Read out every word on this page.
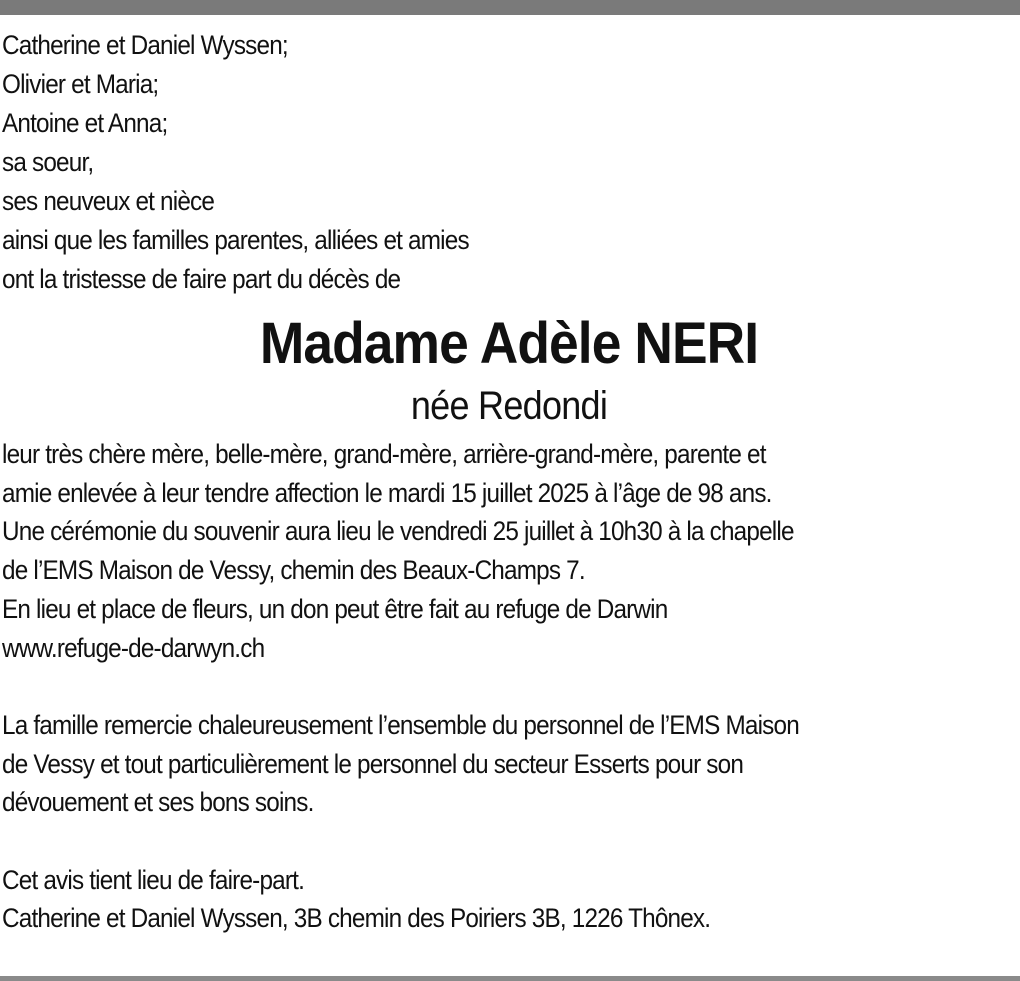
Catherine et Daniel Wyssen;
Olivier et Maria;
Antoine et Anna;
sa soeur,
ses neuveux et nièce
ainsi que les familles parentes, alliées et amies
ont la tristesse de faire part du décès de
Madame Adèle NERI
née Redondi
leur très chère mère, belle-mère, grand-mère, arrière-grand-mère, parente et
amie enlevée à leur tendre affection le mardi 15 juillet 2025 à l’âge de 98 ans.
Une cérémonie du souvenir aura lieu le vendredi 25 juillet à 10h30 à la chapelle
de l’EMS Maison de Vessy, chemin des Beaux-Champs 7.
En lieu et place de fleurs, un don peut être fait au refuge de Darwin
www.refuge-de-darwyn.ch
La famille remercie chaleureusement l’ensemble du personnel de l’EMS Maison
de Vessy et tout particulièrement le personnel du secteur Esserts pour son
dévouement et ses bons soins.
Cet avis tient lieu de faire-part.
Catherine et Daniel Wyssen, 3B chemin des Poiriers 3B, 1226 Thônex.
